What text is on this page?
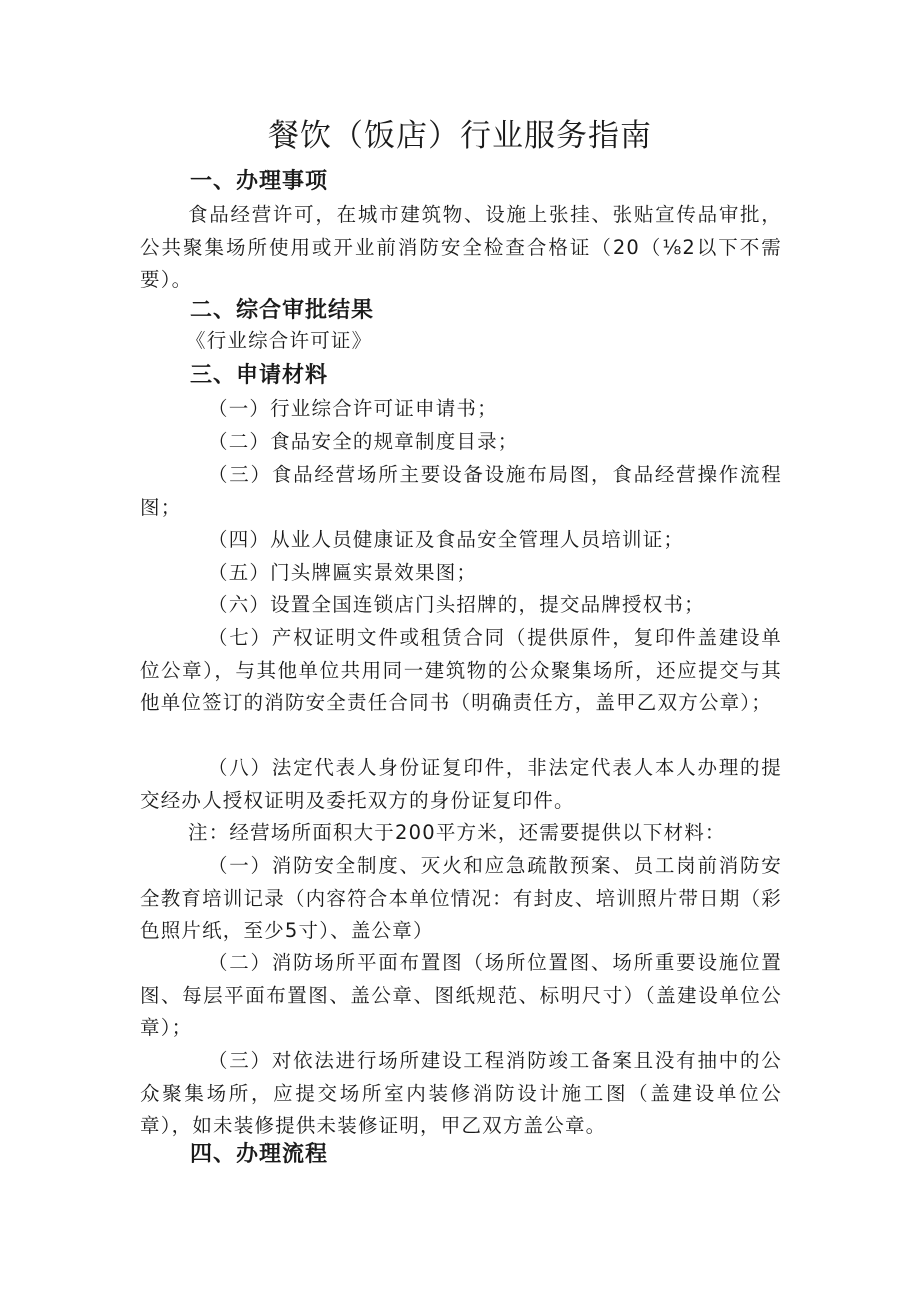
餐饮（饭店）行业服务指南
一、办理事项
食品经营许可，在城市建筑物、设施上张挂、张贴宣传品审批，公共聚集场所使用或开业前消防安全检查合格证（20（⅛2以下不需要）。
二、综合审批结果
《行业综合许可证》
三、申请材料
（一）行业综合许可证申请书；
（二）食品安全的规章制度目录；
（三）食品经营场所主要设备设施布局图，食品经营操作流程图；
（四）从业人员健康证及食品安全管理人员培训证；
（五）门头牌匾实景效果图；
（六）设置全国连锁店门头招牌的，提交品牌授权书；
（七）产权证明文件或租赁合同（提供原件，复印件盖建设单位公章），与其他单位共用同一建筑物的公众聚集场所，还应提交与其他单位签订的消防安全责任合同书（明确责任方，盖甲乙双方公章）；
（八）法定代表人身份证复印件，非法定代表人本人办理的提交经办人授权证明及委托双方的身份证复印件。
注：经营场所面积大于200平方米，还需要提供以下材料：
（一）消防安全制度、灭火和应急疏散预案、员工岗前消防安全教育培训记录（内容符合本单位情况：有封皮、培训照片带日期（彩色照片纸，至少5寸）、盖公章）
（二）消防场所平面布置图（场所位置图、场所重要设施位置图、每层平面布置图、盖公章、图纸规范、标明尺寸）（盖建设单位公章）；
（三）对依法进行场所建设工程消防竣工备案且没有抽中的公众聚集场所，应提交场所室内装修消防设计施工图（盖建设单位公章），如未装修提供未装修证明，甲乙双方盖公章。
四、办理流程
